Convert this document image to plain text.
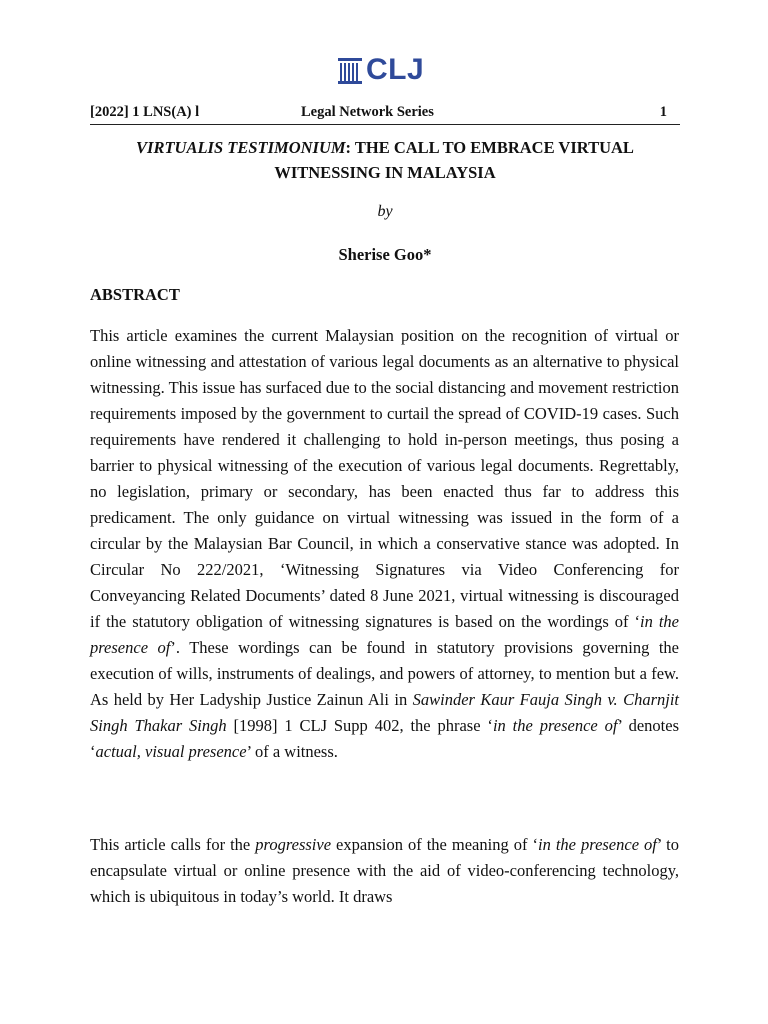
CLJ
[2022] 1 LNS(A) l	Legal Network Series	1
VIRTUALIS TESTIMONIUM: THE CALL TO EMBRACE VIRTUAL
WITNESSING IN MALAYSIA
by
Sherise Goo*
ABSTRACT

This article examines the current Malaysian position on the recognition of virtual or online witnessing and attestation of various legal documents as an alternative to physical witnessing. This issue has surfaced due to the social distancing and movement restriction requirements imposed by the government to curtail the spread of COVID-19 cases. Such requirements have rendered it challenging to hold in-person meetings, thus posing a barrier to physical witnessing of the execution of various legal documents. Regrettably, no legislation, primary or secondary, has been enacted thus far to address this predicament. The only guidance on virtual witnessing was issued in the form of a circular by the Malaysian Bar Council, in which a conservative stance was adopted. In Circular No 222/2021, ‘Witnessing Signatures via Video Conferencing for Conveyancing Related Documents’ dated 8 June 2021, virtual witnessing is discouraged if the statutory obligation of witnessing signatures is based on the wordings of ‘in the presence of’. These wordings can be found in statutory provisions governing the execution of wills, instruments of dealings, and powers of attorney, to mention but a few. As held by Her Ladyship Justice Zainun Ali in Sawinder Kaur Fauja Singh v. Charnjit Singh Thakar Singh [1998] 1 CLJ Supp 402, the phrase ‘in the presence of’ denotes ‘actual, visual presence’ of a witness.

This article calls for the progressive expansion of the meaning of ‘in the presence of’ to encapsulate virtual or online presence with the aid of video-conferencing technology, which is ubiquitous in today’s world. It draws
